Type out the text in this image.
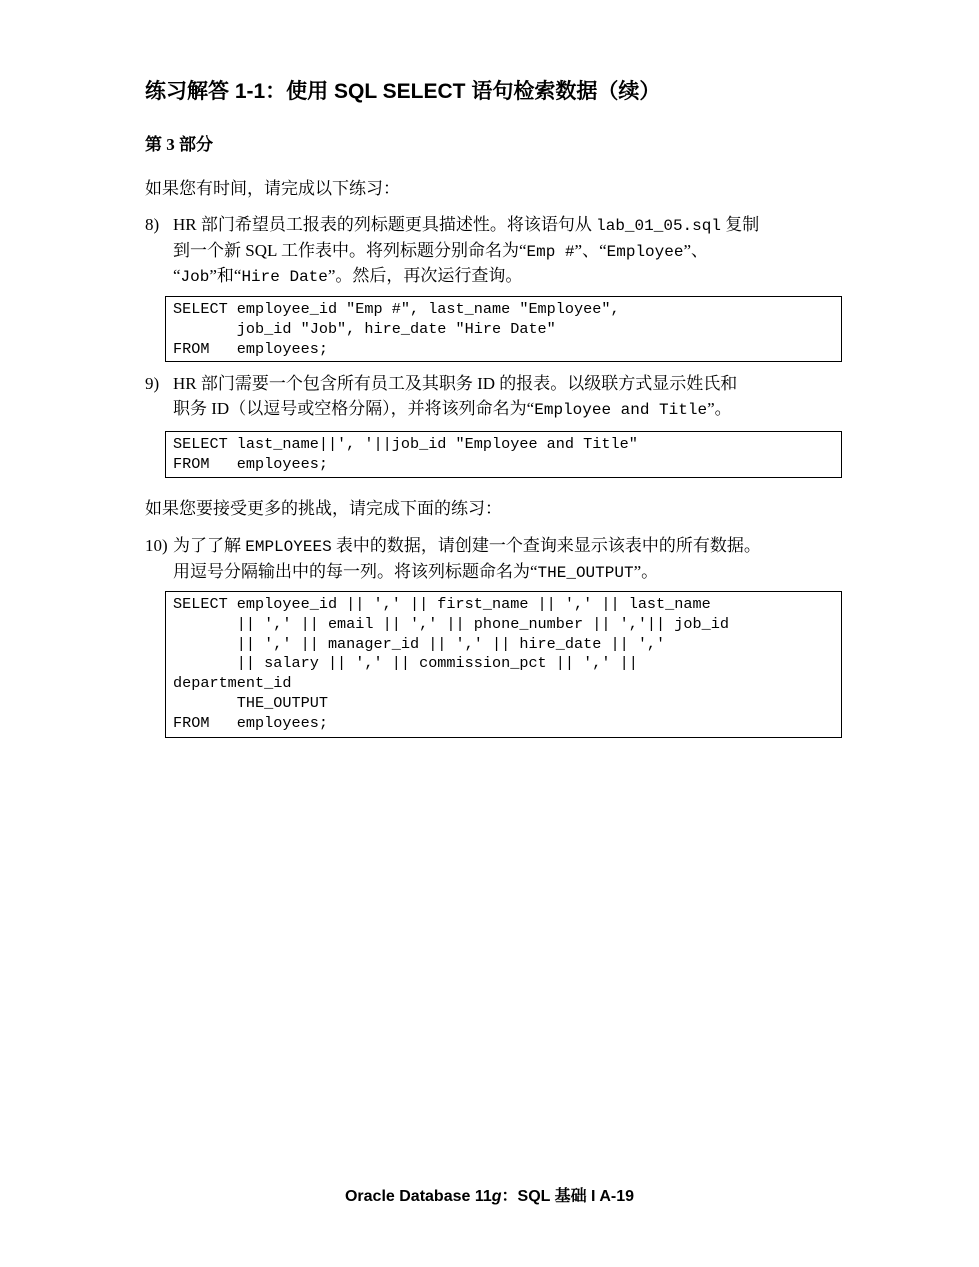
练习解答 1-1：使用 SQL SELECT 语句检索数据（续）
第 3 部分

如果您有时间，请完成以下练习：

8) HR 部门希望员工报表的列标题更具描述性。将该语句从 lab_01_05.sql 复制
到一个新 SQL 工作表中。将列标题分别命名为“Emp #”、“Employee”、
“Job”和“Hire Date”。然后，再次运行查询。
SELECT employee_id "Emp #", last_name "Employee",
job_id "Job", hire_date "Hire Date"
FROM   employees;
9) HR 部门需要一个包含所有员工及其职务 ID 的报表。以级联方式显示姓氏和
职务 ID（以逗号或空格分隔），并将该列命名为“Employee and Title”。
SELECT last_name||', '||job_id "Employee and Title"
FROM   employees;

如果您要接受更多的挑战，请完成下面的练习：

10) 为了了解 EMPLOYEES 表中的数据，请创建一个查询来显示该表中的所有数据。
用逗号分隔输出中的每一列。将该列标题命名为“THE_OUTPUT”。
SELECT employee_id || ',' || first_name || ',' || last_name
|| ',' || email || ',' || phone_number || ','|| job_id
|| ',' || manager_id || ',' || hire_date || ','
|| salary || ',' || commission_pct || ',' ||
department_id
THE_OUTPUT
FROM   employees;
Oracle Database 11g：SQL 基础 I A-19
